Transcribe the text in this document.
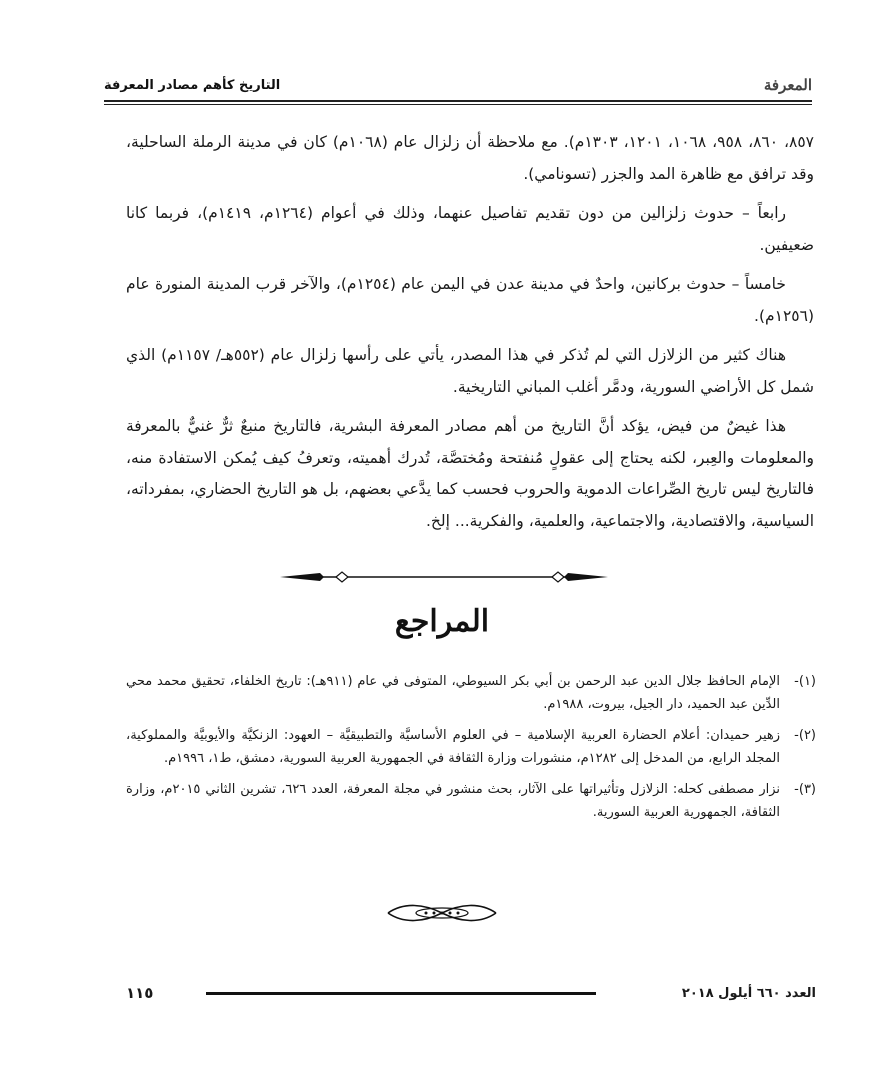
المعرفة
التاريخ كأهم مصادر المعرفة

٨٥٧، ٨٦٠، ٩٥٨، ١٠٦٨، ١٢٠١، ١٣٠٣م). مع ملاحظة أن زلزال عام (١٠٦٨م) كان في مدينة الرملة الساحلية، وقد ترافق مع ظاهرة المد والجزر (تسونامي).

رابعاً – حدوث زلزالين من دون تقديم تفاصيل عنهما، وذلك في أعوام (١٢٦٤م، ١٤١٩م)، فربما كانا ضعيفين.

خامساً – حدوث بركانين، واحدٌ في مدينة عدن في اليمن عام (١٢٥٤م)، والآخر قرب المدينة المنورة عام (١٢٥٦م).

هناك كثير من الزلازل التي لم تُذكر في هذا المصدر، يأتي على رأسها زلزال عام (٥٥٢هـ/ ١١٥٧م) الذي شمل كل الأراضي السورية، ودمَّر أغلب المباني التاريخية.

هذا غيضٌ من فيض، يؤكد أنَّ التاريخ من أهم مصادر المعرفة البشرية، فالتاريخ منبعٌ ثرٌّ غنيٌّ بالمعرفة والمعلومات والعِبر، لكنه يحتاج إلى عقولٍ مُنفتحة ومُختصَّة، تُدرك أهميته، وتعرفُ كيف يُمكن الاستفادة منه، فالتاريخ ليس تاريخ الصِّراعات الدموية والحروب فحسب كما يدَّعي بعضهم، بل هو التاريخ الحضاري، بمفرداته، السياسية، والاقتصادية، والاجتماعية، والعلمية، والفكرية... إلخ.

المراجع
(١)-
الإمام الحافظ جلال الدين عبد الرحمن بن أبي بكر السيوطي، المتوفى في عام (٩١١هـ): تاريخ الخلفاء، تحقيق محمد محي الدِّين عبد الحميد، دار الجيل، بيروت، ١٩٨٨م.
(٢)-
زهير حميدان: أعلام الحضارة العربية الإسلامية – في العلوم الأساسيَّة والتطبيقيَّة – العهود: الزنكيَّة والأيوبيَّة والمملوكية، المجلد الرابع، من المدخل إلى ١٢٨٢م، منشورات وزارة الثقافة في الجمهورية العربية السورية، دمشق، ط١، ١٩٩٦م.
(٣)-
نزار مصطفى كحله: الزلازل وتأثيراتها على الآثار، بحث منشور في مجلة المعرفة، العدد ٦٢٦، تشرين الثاني ٢٠١٥م، وزارة الثقافة، الجمهورية العربية السورية.
العدد ٦٦٠ أيلول ٢٠١٨
١١٥
